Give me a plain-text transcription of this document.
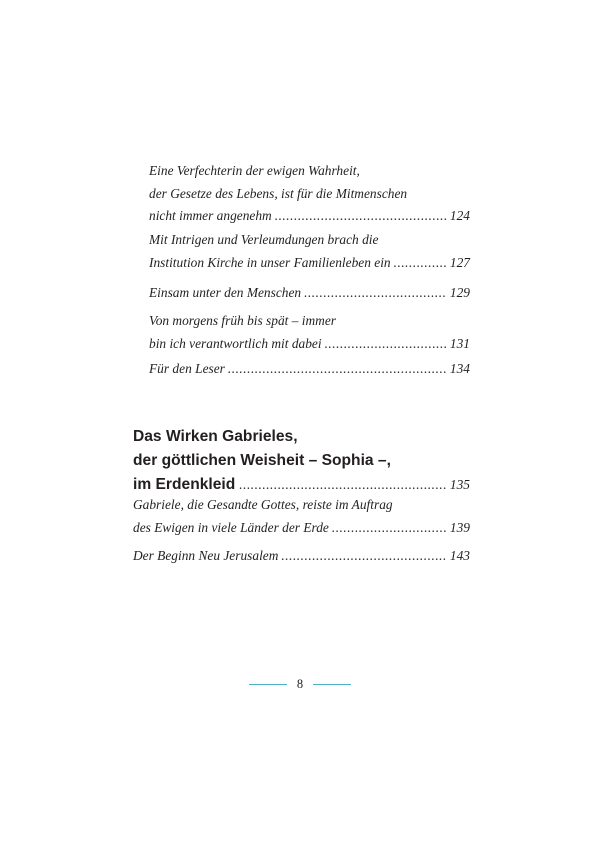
Eine Verfechterin der ewigen Wahrheit,
der Gesetze des Lebens, ist für die Mitmenschen
nicht immer angenehm .....	124
Mit Intrigen und Verleumdungen brach die
Institution Kirche in unser Familienleben ein .....	127
Einsam unter den Menschen .....	129
Von morgens früh bis spät – immer
bin ich verantwortlich mit dabei .....	131
Für den Leser .....	134
Das Wirken Gabrieles,
der göttlichen Weisheit – Sophia –,
im Erdenkleid .....	135
Gabriele, die Gesandte Gottes, reiste im Auftrag
des Ewigen in viele Länder der Erde .....	139
Der Beginn Neu Jerusalem .....	143
8
